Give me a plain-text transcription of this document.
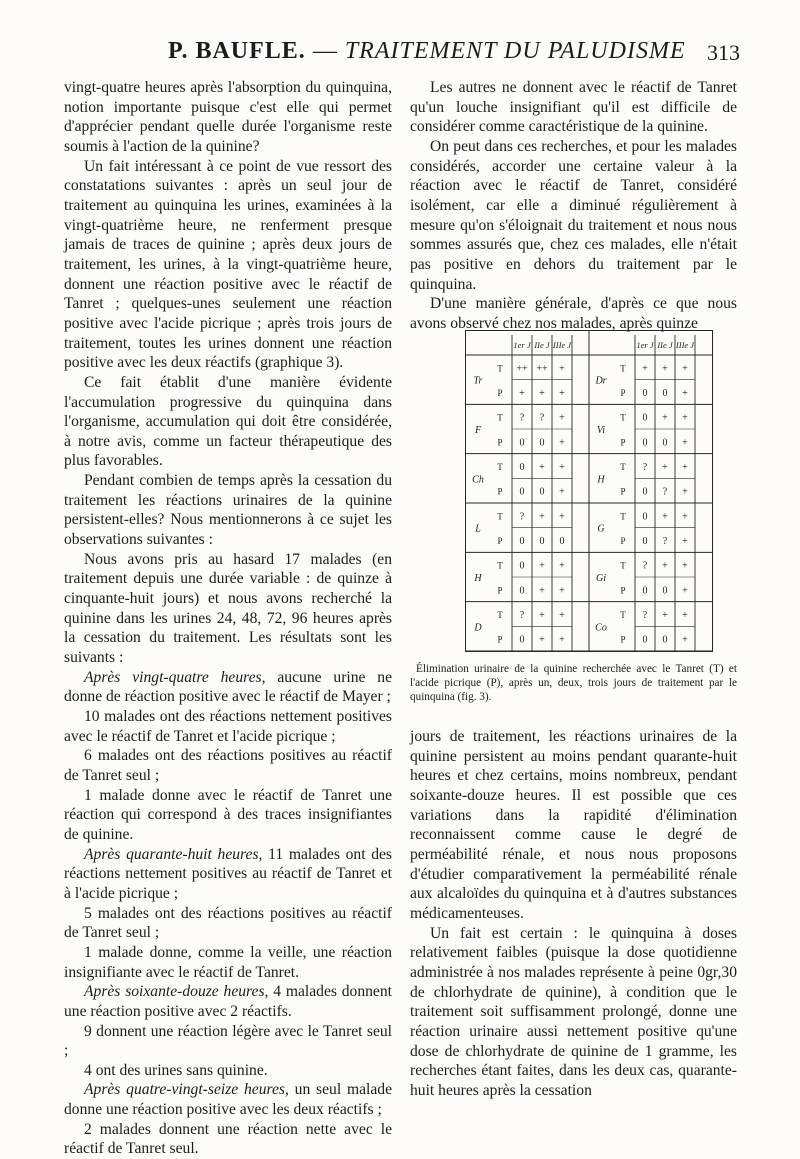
P. BAUFLE. — TRAITEMENT DU PALUDISME 313

vingt-quatre heures après l'absorption du quinquina, notion importante puisque c'est elle qui permet d'apprécier pendant quelle durée l'organisme reste soumis à l'action de la quinine?

Un fait intéressant à ce point de vue ressort des constatations suivantes : après un seul jour de traitement au quinquina les urines, examinées à la vingt-quatrième heure, ne renferment presque jamais de traces de quinine ; après deux jours de traitement, les urines, à la vingt-quatrième heure, donnent une réaction positive avec le réactif de Tanret ; quelques-unes seulement une réaction positive avec l'acide picrique ; après trois jours de traitement, toutes les urines donnent une réaction positive avec les deux réactifs (graphique 3).

Ce fait établit d'une manière évidente l'accumulation progressive du quinquina dans l'organisme, accumulation qui doit être considérée, à notre avis, comme un facteur thérapeutique des plus favorables.

Pendant combien de temps après la cessation du traitement les réactions urinaires de la quinine persistent-elles? Nous mentionnerons à ce sujet les observations suivantes :

Nous avons pris au hasard 17 malades (en traitement depuis une durée variable : de quinze à cinquante-huit jours) et nous avons recherché la quinine dans les urines 24, 48, 72, 96 heures après la cessation du traitement. Les résultats sont les suivants :

Après vingt-quatre heures, aucune urine ne donne de réaction positive avec le réactif de Mayer ;

10 malades ont des réactions nettement positives avec le réactif de Tanret et l'acide picrique ;

6 malades ont des réactions positives au réactif de Tanret seul ;

1 malade donne avec le réactif de Tanret une réaction qui correspond à des traces insignifiantes de quinine.

Après quarante-huit heures, 11 malades ont des réactions nettement positives au réactif de Tanret et à l'acide picrique ;

5 malades ont des réactions positives au réactif de Tanret seul ;

1 malade donne, comme la veille, une réaction insignifiante avec le réactif de Tanret.

Après soixante-douze heures, 4 malades donnent une réaction positive avec 2 réactifs.

9 donnent une réaction légère avec le Tanret seul ;

4 ont des urines sans quinine.

Après quatre-vingt-seize heures, un seul malade donne une réaction positive avec les deux réactifs ;

2 malades donnent une réaction nette avec le réactif de Tanret seul.

Les autres ne donnent avec le réactif de Tanret qu'un louche insignifiant qu'il est difficile de considérer comme caractéristique de la quinine.

On peut dans ces recherches, et pour les malades considérés, accorder une certaine valeur à la réaction avec le réactif de Tanret, considéré isolément, car elle a diminué régulièrement à mesure qu'on s'éloignait du traitement et nous nous sommes assurés que, chez ces malades, elle n'était pas positive en dehors du traitement par le quinquina.

D'une manière générale, d'après ce que nous avons observé chez nos malades, après quinze

1er J IIe J IIIe J
Tr
T
P
++ ++ +
+ + +
F
T
P
? ? +
0 0 +
Ch
T
P
0 + +
0 0 +
L
T
P
? + +
0 0 0
H
T
P
0 + +
0 + +
D
T
P
? + +
0 + +
1er J IIe J IIIe J
Dr
T
P
+ + +
0 0 +
Vi
T
P
0 + +
0 0 +
H
T
P
? + +
0 ? +
G
T
P
0 + +
0 ? +
Gi
T
P
? + +
0 0 +
Co
T
P
? + +
0 0 +

Élimination urinaire de la quinine recherchée avec le Tanret (T) et l'acide picrique (P), après un, deux, trois jours de traitement par le quinquina (fig. 3).

jours de traitement, les réactions urinaires de la quinine persistent au moins pendant quarante-huit heures et chez certains, moins nombreux, pendant soixante-douze heures. Il est possible que ces variations dans la rapidité d'élimination reconnaissent comme cause le degré de perméabilité rénale, et nous nous proposons d'étudier comparativement la perméabilité rénale aux alcaloïdes du quinquina et à d'autres substances médicamenteuses.

Un fait est certain : le quinquina à doses relativement faibles (puisque la dose quotidienne administrée à nos malades représente à peine 0gr,30 de chlorhydrate de quinine), à condition que le traitement soit suffisamment prolongé, donne une réaction urinaire aussi nettement positive qu'une dose de chlorhydrate de quinine de 1 gramme, les recherches étant faites, dans les deux cas, quarante-huit heures après la cessation
